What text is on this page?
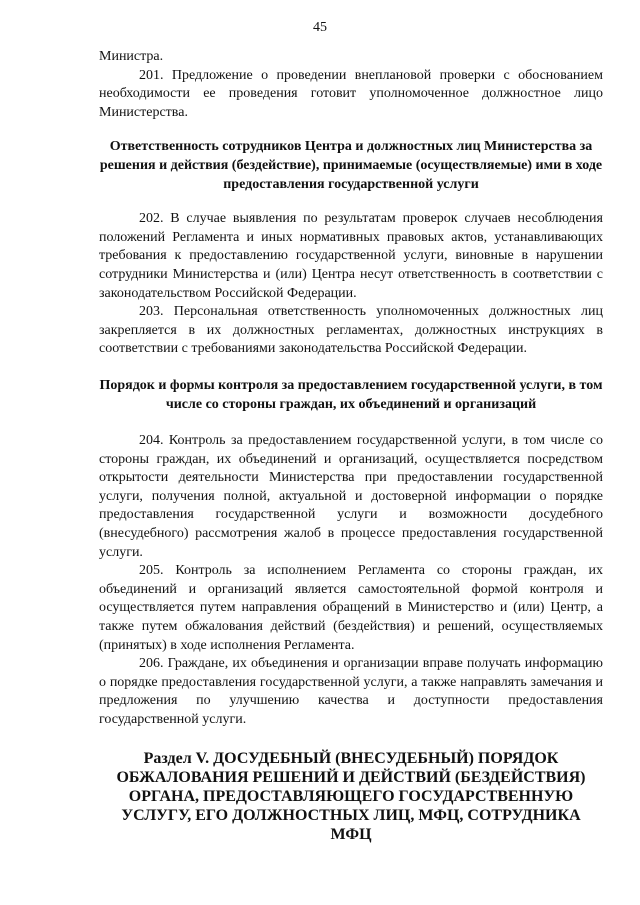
45

Министра.

201. Предложение о проведении внеплановой проверки с обоснованием необходимости ее проведения готовит уполномоченное должностное лицо Министерства.

Ответственность сотрудников Центра и должностных лиц Министерства за решения и действия (бездействие), принимаемые (осуществляемые) ими в ходе предоставления государственной услуги

202. В случае выявления по результатам проверок случаев несоблюдения положений Регламента и иных нормативных правовых актов, устанавливающих требования к предоставлению государственной услуги, виновные в нарушении сотрудники Министерства и (или) Центра несут ответственность в соответствии с законодательством Российской Федерации.

203. Персональная ответственность уполномоченных должностных лиц закрепляется в их должностных регламентах, должностных инструкциях в соответствии с требованиями законодательства Российской Федерации.

Порядок и формы контроля за предоставлением государственной услуги, в том числе со стороны граждан, их объединений и организаций

204. Контроль за предоставлением государственной услуги, в том числе со стороны граждан, их объединений и организаций, осуществляется посредством открытости деятельности Министерства при предоставлении государственной услуги, получения полной, актуальной и достоверной информации о порядке предоставления государственной услуги и возможности досудебного (внесудебного) рассмотрения жалоб в процессе предоставления государственной услуги.

205. Контроль за исполнением Регламента со стороны граждан, их объединений и организаций является самостоятельной формой контроля и осуществляется путем направления обращений в Министерство и (или) Центр, а также путем обжалования действий (бездействия) и решений, осуществляемых (принятых) в ходе исполнения Регламента.

206. Граждане, их объединения и организации вправе получать информацию о порядке предоставления государственной услуги, а также направлять замечания и предложения по улучшению качества и доступности предоставления государственной услуги.

Раздел V. ДОСУДЕБНЫЙ (ВНЕСУДЕБНЫЙ) ПОРЯДОК ОБЖАЛОВАНИЯ РЕШЕНИЙ И ДЕЙСТВИЙ (БЕЗДЕЙСТВИЯ) ОРГАНА, ПРЕДОСТАВЛЯЮЩЕГО ГОСУДАРСТВЕННУЮ УСЛУГУ, ЕГО ДОЛЖНОСТНЫХ ЛИЦ, МФЦ, СОТРУДНИКА МФЦ
